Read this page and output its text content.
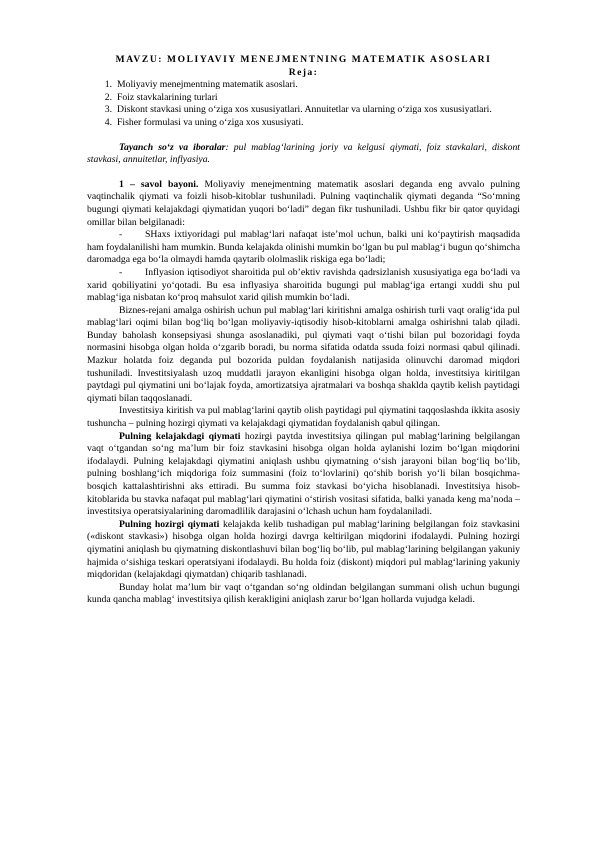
MAVZU: MOLIYAVIY MENEJMENTNING MATEMATIK ASOSLARI
Reja:
1. Moliyaviy menejmentning matematik asoslari.
2. Foiz stavkalarining turlari
3. Diskont stavkasi uning o‘ziga xos xususiyatlari. Annuitetlar va ularning o‘ziga xos xususiyatlari.
4. Fisher formulasi va uning o‘ziga xos xususiyati.

Tayanch so‘z va iboralar: pul mablag‘larining joriy va kelgusi qiymati, foiz stavkalari, diskont stavkasi, annuitetlar, inflyasiya.

1 – savol bayoni. Moliyaviy menejmentning matematik asoslari deganda eng avvalo pulning vaqtinchalik qiymati va foizli hisob-kitoblar tushuniladi. Pulning vaqtinchalik qiymati deganda “So‘mning bugungi qiymati kelajakdagi qiymatidan yuqori bo‘ladi” degan fikr tushuniladi. Ushbu fikr bir qator quyidagi omillar bilan belgilanadi:

- SHaxs ixtiyoridagi pul mablag‘lari nafaqat iste’mol uchun, balki uni ko‘paytirish maqsadida ham foydalanilishi ham mumkin. Bunda kelajakda olinishi mumkin bo‘lgan bu pul mablag‘i bugun qo‘shimcha daromadga ega bo‘la olmaydi hamda qaytarib ololmaslik riskiga ega bo‘ladi;

- Inflyasion iqtisodiyot sharoitida pul ob’ektiv ravishda qadrsizlanish xususiyatiga ega bo‘ladi va xarid qobiliyatini yo‘qotadi. Bu esa inflyasiya sharoitida bugungi pul mablag‘iga ertangi xuddi shu pul mablag‘iga nisbatan ko‘proq mahsulot xarid qilish mumkin bo‘ladi.

Biznes-rejani amalga oshirish uchun pul mablag‘lari kiritishni amalga oshirish turli vaqt oralig‘ida pul mablag‘lari oqimi bilan bog‘liq bo‘lgan moliyaviy-iqtisodiy hisob-kitoblarni amalga oshirishni talab qiladi. Bunday baholash konsepsiyasi shunga asoslanadiki, pul qiymati vaqt o‘tishi bilan pul bozoridagi foyda normasini hisobga olgan holda o‘zgarib boradi, bu norma sifatida odatda ssuda foizi normasi qabul qilinadi. Mazkur holatda foiz deganda pul bozorida puldan foydalanish natijasida olinuvchi daromad miqdori tushuniladi. Investitsiyalash uzoq muddatli jarayon ekanligini hisobga olgan holda, investitsiya kiritilgan paytdagi pul qiymatini uni bo‘lajak foyda, amortizatsiya ajratmalari va boshqa shaklda qaytib kelish paytidagi qiymati bilan taqqoslanadi.

Investitsiya kiritish va pul mablag‘larini qaytib olish paytidagi pul qiymatini taqqoslashda ikkita asosiy tushuncha – pulning hozirgi qiymati va kelajakdagi qiymatidan foydalanish qabul qilingan.

Pulning kelajakdagi qiymati hozirgi paytda investitsiya qilingan pul mablag‘larining belgilangan vaqt o‘tgandan so‘ng ma’lum bir foiz stavkasini hisobga olgan holda aylanishi lozim bo‘lgan miqdorini ifodalaydi. Pulning kelajakdagi qiymatini aniqlash ushbu qiymatning o‘sish jarayoni bilan bog‘liq bo‘lib, pulning boshlang‘ich miqdoriga foiz summasini (foiz to‘lovlarini) qo‘shib borish yo‘li bilan bosqichma-bosqich kattalashtirishni aks ettiradi. Bu summa foiz stavkasi bo‘yicha hisoblanadi. Investitsiya hisob-kitoblarida bu stavka nafaqat pul mablag‘lari qiymatini o‘stirish vositasi sifatida, balki yanada keng ma’noda – investitsiya operatsiyalarining daromadlilik darajasini o‘lchash uchun ham foydalaniladi.

Pulning hozirgi qiymati kelajakda kelib tushadigan pul mablag‘larining belgilangan foiz stavkasini («diskont stavkasi») hisobga olgan holda hozirgi davrga keltirilgan miqdorini ifodalaydi. Pulning hozirgi qiymatini aniqlash bu qiymatning diskontlashuvi bilan bog‘liq bo‘lib, pul mablag‘larining belgilangan yakuniy hajmida o‘sishiga teskari operatsiyani ifodalaydi. Bu holda foiz (diskont) miqdori pul mablag‘larining yakuniy miqdoridan (kelajakdagi qiymatdan) chiqarib tashlanadi.

Bunday holat ma’lum bir vaqt o‘tgandan so‘ng oldindan belgilangan summani olish uchun bugungi kunda qancha mablag‘ investitsiya qilish kerakligini aniqlash zarur bo‘lgan hollarda vujudga keladi.
